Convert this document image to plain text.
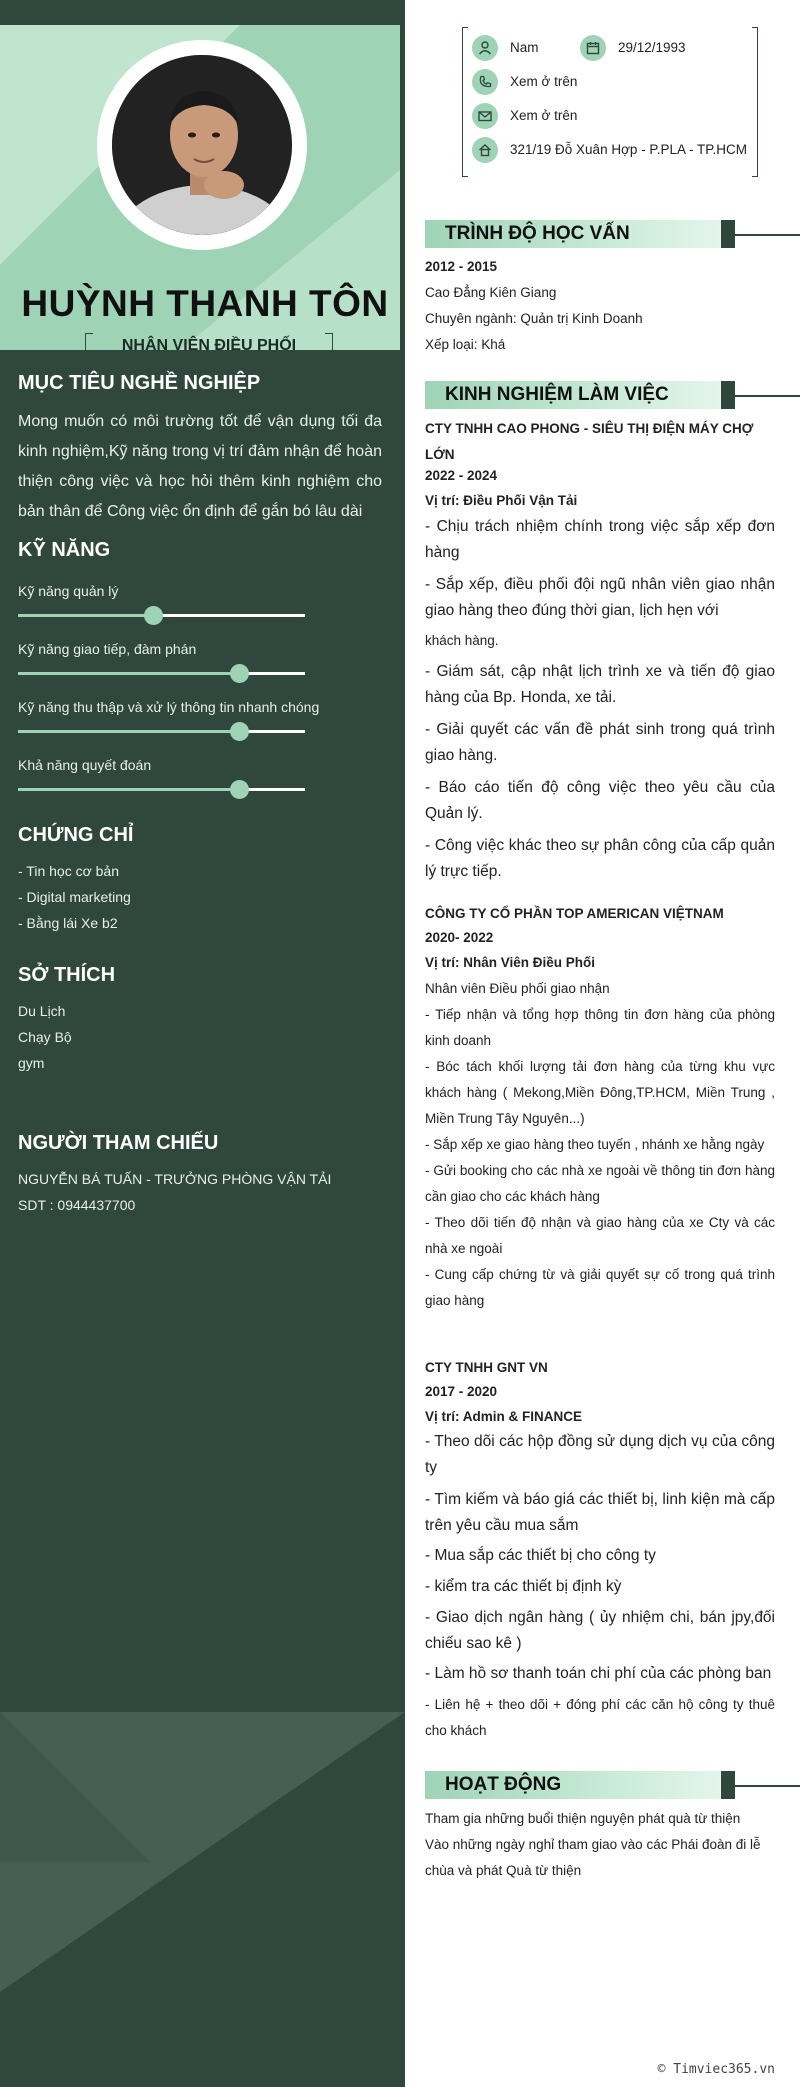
HUỲNH THANH TÔN
NHÂN VIÊN ĐIỀU PHỐI
MỤC TIÊU NGHỀ NGHIỆP
Mong muốn có môi trường tốt để vận dụng tối đa kinh nghiệm,Kỹ năng trong vị trí đảm nhận để hoàn thiện công việc và học hỏi thêm kinh nghiệm cho bản thân để Công việc ổn định để gắn bó lâu dài
KỸ NĂNG
Kỹ năng quản lý
Kỹ năng giao tiếp, đàm phán
Kỹ năng thu thập và xử lý thông tin nhanh chóng
Khả năng quyết đoán
CHỨNG CHỈ
- Tin học cơ bản
- Digital marketing
- Bằng lái Xe b2
SỞ THÍCH
Du Lịch
Chạy Bộ
gym
NGƯỜI THAM CHIẾU
NGUYỄN BÁ TUẤN - TRƯỞNG PHÒNG VẬN TẢI
SDT : 0944437700
Nam	29/12/1993
Xem ở trên
Xem ở trên
321/19 Đỗ Xuân Hợp - P.PLA - TP.HCM
TRÌNH ĐỘ HỌC VẤN
2012 - 2015
Cao Đẳng Kiên Giang
Chuyên ngành: Quản trị Kinh Doanh
Xếp loại: Khá
KINH NGHIỆM LÀM VIỆC
CTY TNHH CAO PHONG - SIÊU THỊ ĐIỆN MÁY CHỢ LỚN
2022 - 2024
Vị trí: Điều Phối Vận Tải
- Chịu trách nhiệm chính trong việc sắp xếp đơn hàng
- Sắp xếp, điều phối đội ngũ nhân viên giao nhận giao hàng theo đúng thời gian, lịch hẹn với
khách hàng.
- Giám sát, cập nhật lịch trình xe và tiến độ giao hàng của Bp. Honda, xe tải.
- Giải quyết các vấn đề phát sinh trong quá trình giao hàng.
- Báo cáo tiến độ công việc theo yêu cầu của Quản lý.
- Công việc khác theo sự phân công của cấp quản lý trực tiếp.
CÔNG TY CỔ PHẦN TOP AMERICAN VIỆTNAM
2020- 2022
Vị trí: Nhân Viên Điều Phối
Nhân viên Điều phối giao nhận
- Tiếp nhận và tổng hợp thông tin đơn hàng của phòng kinh doanh
- Bóc tách khối lượng tải đơn hàng của từng khu vực khách hàng ( Mekong,Miền Đông,TP.HCM, Miền Trung , Miền Trung Tây Nguyên...)
- Sắp xếp xe giao hàng theo tuyến , nhánh xe hằng ngày
- Gửi booking cho các nhà xe ngoài về thông tin đơn hàng cần giao cho các khách hàng
- Theo dõi tiến độ nhận và giao hàng của xe Cty và các nhà xe ngoài
- Cung cấp chứng từ và giải quyết sự cố trong quá trình giao hàng
CTY TNHH GNT VN
2017 - 2020
Vị trí: Admin & FINANCE
- Theo dõi các hộp đồng sử dụng dịch vụ của công ty
- Tìm kiếm và báo giá các thiết bị, linh kiện mà cấp trên yêu cầu mua sắm
- Mua sắp các thiết bị cho công ty
- kiểm tra các thiết bị định kỳ
- Giao dịch ngân hàng ( ủy nhiệm chi, bán jpy,đối chiếu sao kê )
- Làm hồ sơ thanh toán chi phí của các phòng ban
- Liên hệ + theo dõi + đóng phí các căn hộ công ty thuê cho khách
HOẠT ĐỘNG
Tham gia những buổi thiện nguyện phát quà từ thiện
Vào những ngày nghỉ tham giao vào các Phái đoàn đi lễ chùa và phát Quà từ thiện
© Timviec365.vn
